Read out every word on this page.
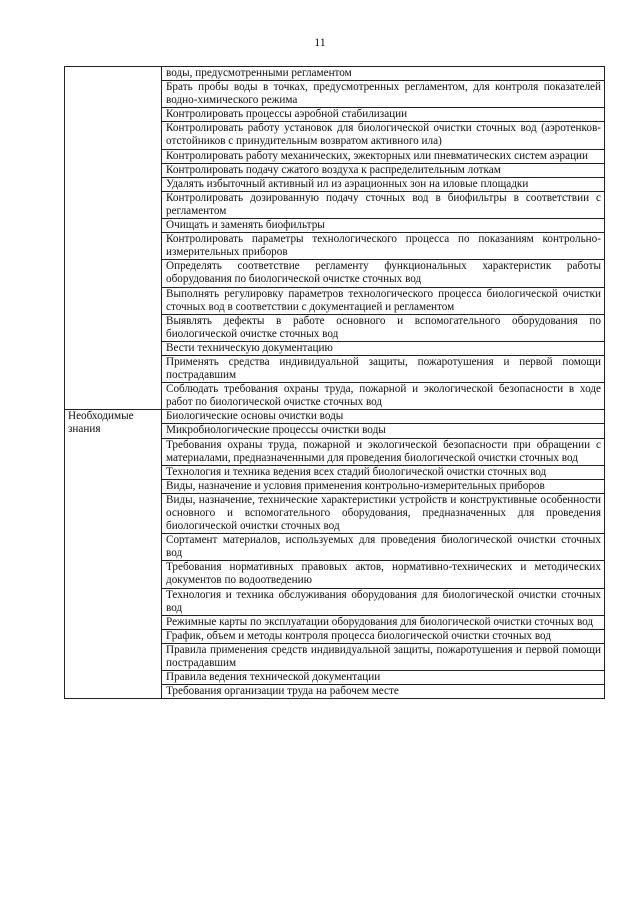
11
	воды, предусмотренными регламентом
	Брать пробы воды в точках, предусмотренных регламентом, для контроля показателей водно-химического режима
	Контролировать процессы аэробной стабилизации
	Контролировать работу установок для биологической очистки сточных вод (аэротенков-отстойников с принудительным возвратом активного ила)
	Контролировать работу механических, эжекторных или пневматических систем аэрации
	Контролировать подачу сжатого воздуха к распределительным лоткам
	Удалять избыточный активный ил из аэрационных зон на иловые площадки
	Контролировать дозированную подачу сточных вод в биофильтры в соответствии с регламентом
	Очищать и заменять биофильтры
	Контролировать параметры технологического процесса по показаниям контрольно-измерительных приборов
	Определять соответствие регламенту функциональных характеристик работы оборудования по биологической очистке сточных вод
	Выполнять регулировку параметров технологического процесса биологической очистки сточных вод в соответствии с документацией и регламентом
	Выявлять дефекты в работе основного и вспомогательного оборудования по биологической очистке сточных вод
	Вести техническую документацию
	Применять средства индивидуальной защиты, пожаротушения и первой помощи пострадавшим
	Соблюдать требования охраны труда, пожарной и экологической безопасности в ходе работ по биологической очистке сточных вод

Необходимые знания	Биологические основы очистки воды
	Микробиологические процессы очистки воды
	Требования охраны труда, пожарной и экологической безопасности при обращении с материалами, предназначенными для проведения биологической очистки сточных вод
	Технология и техника ведения всех стадий биологической очистки сточных вод
	Виды, назначение и условия применения контрольно-измерительных приборов
	Виды, назначение, технические характеристики устройств и конструктивные особенности основного и вспомогательного оборудования, предназначенных для проведения биологической очистки сточных вод
	Сортамент материалов, используемых для проведения биологической очистки сточных вод
	Требования нормативных правовых актов, нормативно-технических и методических документов по водоотведению
	Технология и техника обслуживания оборудования для биологической очистки сточных вод
	Режимные карты по эксплуатации оборудования для биологической очистки сточных вод
	График, объем и методы контроля процесса биологической очистки сточных вод
	Правила применения средств индивидуальной защиты, пожаротушения и первой помощи пострадавшим
	Правила ведения технической документации
	Требования организации труда на рабочем месте
